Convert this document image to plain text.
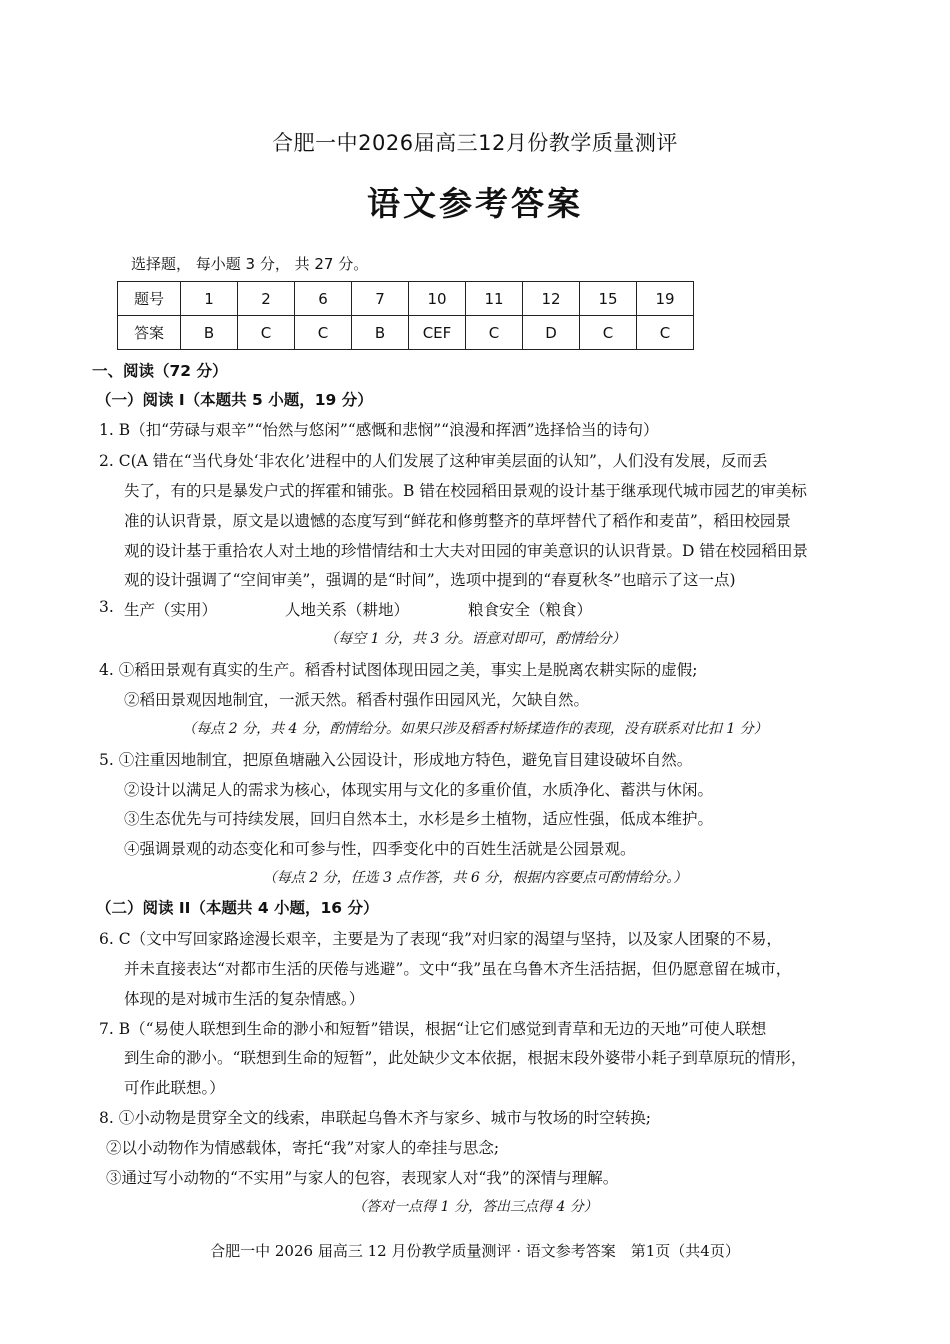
合肥一中2026届高三12月份教学质量测评
语文参考答案
选择题， 每小题 3 分， 共 27 分。
题号	1	2	6	7	10	11	12	15	19
答案	B	C	C	B	CEF	C	D	C	C
一、阅读（72 分）
（一）阅读 I（本题共 5 小题，19 分）
1. B（扣“劳碌与艰辛”“怡然与悠闲”“感慨和悲悯”“浪漫和挥洒”选择恰当的诗句）
2. C(A 错在“当代身处‘非农化’进程中的人们发展了这种审美层面的认知”，人们没有发展，反而丢
失了，有的只是暴发户式的挥霍和铺张。B 错在校园稻田景观的设计基于继承现代城市园艺的审美标
准的认识背景，原文是以遗憾的态度写到“鲜花和修剪整齐的草坪替代了稻作和麦苗”，稻田校园景
观的设计基于重拾农人对土地的珍惜情结和士大夫对田园的审美意识的认识背景。D 错在校园稻田景
观的设计强调了“空间审美”，强调的是“时间”，选项中提到的“春夏秋冬”也暗示了这一点)
3. 生产（实用）	人地关系（耕地）	粮食安全（粮食）
（每空 1 分，共 3 分。语意对即可，酌情给分）
4. ①稻田景观有真实的生产。稻香村试图体现田园之美，事实上是脱离农耕实际的虚假;
②稻田景观因地制宜，一派天然。稻香村强作田园风光，欠缺自然。
（每点 2 分，共 4 分，酌情给分。如果只涉及稻香村矫揉造作的表现，没有联系对比扣 1 分）
5. ①注重因地制宜，把原鱼塘融入公园设计，形成地方特色，避免盲目建设破坏自然。
②设计以满足人的需求为核心，体现实用与文化的多重价值，水质净化、蓄洪与休闲。
③生态优先与可持续发展，回归自然本土，水杉是乡土植物，适应性强，低成本维护。
④强调景观的动态变化和可参与性，四季变化中的百姓生活就是公园景观。
（每点 2 分，任选 3 点作答，共 6 分，根据内容要点可酌情给分。）
（二）阅读 II（本题共 4 小题，16 分）
6. C（文中写回家路途漫长艰辛，主要是为了表现“我”对归家的渴望与坚持，以及家人团聚的不易，
并未直接表达“对都市生活的厌倦与逃避”。文中“我”虽在乌鲁木齐生活拮据，但仍愿意留在城市，
体现的是对城市生活的复杂情感。）
7. B（“易使人联想到生命的渺小和短暂”错误，根据“让它们感觉到青草和无边的天地”可使人联想
到生命的渺小。“联想到生命的短暂”，此处缺少文本依据，根据末段外婆带小耗子到草原玩的情形，
可作此联想。）
8. ①小动物是贯穿全文的线索，串联起乌鲁木齐与家乡、城市与牧场的时空转换;
②以小动物作为情感载体，寄托“我”对家人的牵挂与思念;
③通过写小动物的“不实用”与家人的包容，表现家人对“我”的深情与理解。
（答对一点得 1 分，答出三点得 4 分）
合肥一中 2026 届高三 12 月份教学质量测评 · 语文参考答案　第1页（共4页）
